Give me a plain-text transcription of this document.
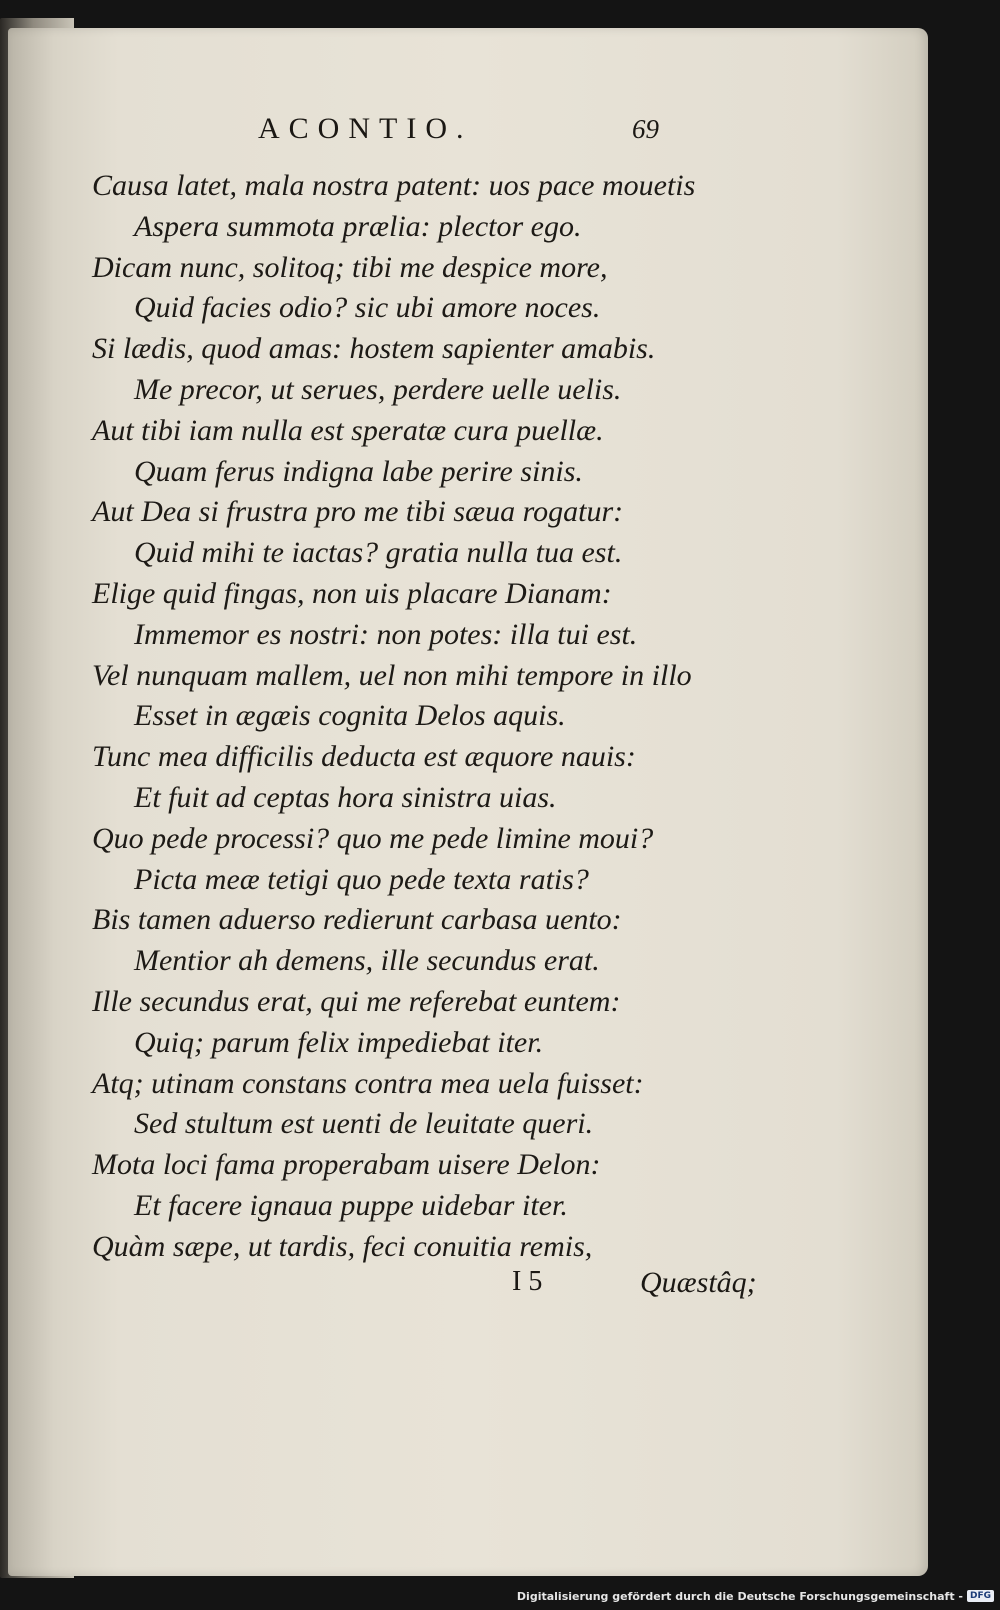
ACONTIO.	69
Causa latet, mala nostra patent: uos pace mouetis
Aspera summota prælia: plector ego.
Dicam nunc, solitoq; tibi me despice more,
Quid facies odio? sic ubi amore noces.
Si lædis, quod amas: hostem sapienter amabis.
Me precor, ut serues, perdere uelle uelis.
Aut tibi iam nulla est speratæ cura puellæ.
Quam ferus indigna labe perire sinis.
Aut Dea si frustra pro me tibi sæua rogatur:
Quid mihi te iactas? gratia nulla tua est.
Elige quid fingas, non uis placare Dianam:
Immemor es nostri: non potes: illa tui est.
Vel nunquam mallem, uel non mihi tempore in illo
Esset in ægæis cognita Delos aquis.
Tunc mea difficilis deducta est æquore nauis:
Et fuit ad ceptas hora sinistra uias.
Quo pede processi? quo me pede limine moui?
Picta meæ tetigi quo pede texta ratis?
Bis tamen aduerso redierunt carbasa uento:
Mentior ah demens, ille secundus erat.
Ille secundus erat, qui me referebat euntem:
Quiq; parum felix impediebat iter.
Atq; utinam constans contra mea uela fuisset:
Sed stultum est uenti de leuitate queri.
Mota loci fama properabam uisere Delon:
Et facere ignaua puppe uidebar iter.
Quàm sæpe, ut tardis, feci conuitia remis,
I 5	Quæstâq;
Digitalisierung gefördert durch die Deutsche Forschungsgemeinschaft - DFG
